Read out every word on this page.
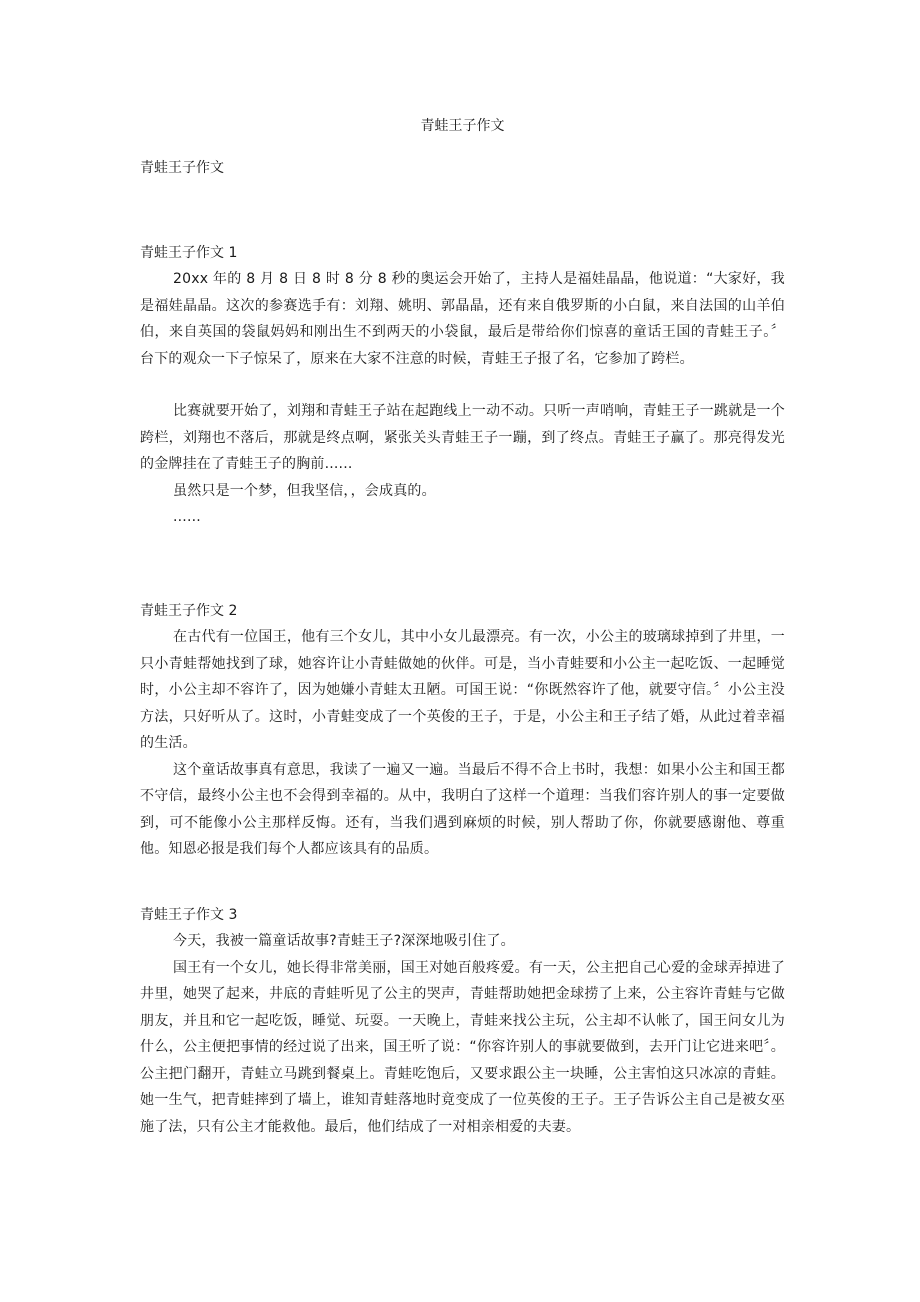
青蛙王子作文
青蛙王子作文

青蛙王子作文 1

20xx 年的 8 月 8 日 8 时 8 分 8 秒的奥运会开始了，主持人是福娃晶晶，他说道：“大家好，我是福娃晶晶。这次的参赛选手有：刘翔、姚明、郭晶晶，还有来自俄罗斯的小白鼠，来自法国的山羊伯伯，来自英国的袋鼠妈妈和刚出生不到两天的小袋鼠，最后是带给你们惊喜的童话王国的青蛙王子。〞台下的观众一下子惊呆了，原来在大家不注意的时候，青蛙王子报了名，它参加了跨栏。

比赛就要开始了，刘翔和青蛙王子站在起跑线上一动不动。只听一声哨响，青蛙王子一跳就是一个跨栏，刘翔也不落后，那就是终点啊，紧张关头青蛙王子一蹦，到了终点。青蛙王子赢了。那亮得发光的金牌挂在了青蛙王子的胸前......

虽然只是一个梦，但我坚信，，会成真的。

......

青蛙王子作文 2

在古代有一位国王，他有三个女儿，其中小女儿最漂亮。有一次，小公主的玻璃球掉到了井里，一只小青蛙帮她找到了球，她容许让小青蛙做她的伙伴。可是，当小青蛙要和小公主一起吃饭、一起睡觉时，小公主却不容许了，因为她嫌小青蛙太丑陋。可国王说：“你既然容许了他，就要守信。〞小公主没方法，只好听从了。这时，小青蛙变成了一个英俊的王子，于是，小公主和王子结了婚，从此过着幸福的生活。

这个童话故事真有意思，我读了一遍又一遍。当最后不得不合上书时，我想：如果小公主和国王都不守信，最终小公主也不会得到幸福的。从中，我明白了这样一个道理：当我们容许别人的事一定要做到，可不能像小公主那样反悔。还有，当我们遇到麻烦的时候，别人帮助了你，你就要感谢他、尊重他。知恩必报是我们每个人都应该具有的品质。

青蛙王子作文 3

今天，我被一篇童话故事?青蛙王子?深深地吸引住了。

国王有一个女儿，她长得非常美丽，国王对她百般疼爱。有一天，公主把自己心爱的金球弄掉进了井里，她哭了起来，井底的青蛙听见了公主的哭声，青蛙帮助她把金球捞了上来，公主容许青蛙与它做朋友，并且和它一起吃饭，睡觉、玩耍。一天晚上，青蛙来找公主玩，公主却不认帐了，国王问女儿为什么，公主便把事情的经过说了出来，国王听了说：“你容许别人的事就要做到，去开门让它进来吧〞。公主把门翻开，青蛙立马跳到餐桌上。青蛙吃饱后，又要求跟公主一块睡，公主害怕这只冰凉的青蛙。她一生气，把青蛙摔到了墙上，谁知青蛙落地时竟变成了一位英俊的王子。王子告诉公主自己是被女巫施了法，只有公主才能救他。最后，他们结成了一对相亲相爱的夫妻。
